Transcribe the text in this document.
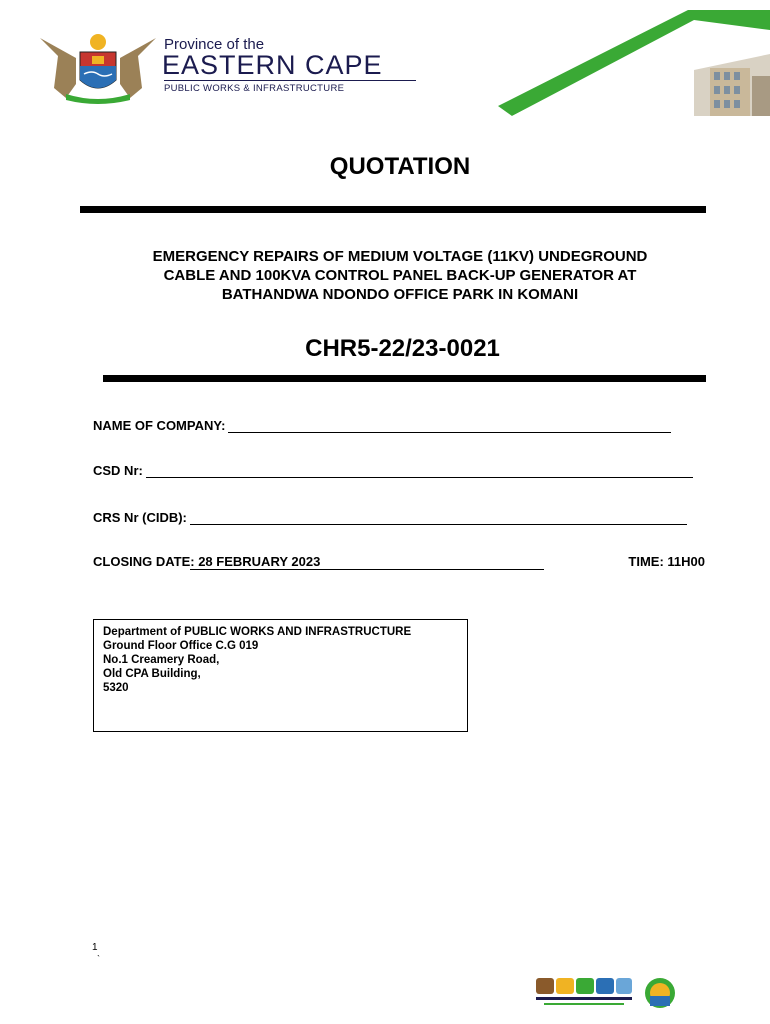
Province of the
EASTERN CAPE
PUBLIC WORKS & INFRASTRUCTURE
QUOTATION
EMERGENCY REPAIRS OF MEDIUM VOLTAGE (11KV) UNDEGROUND
CABLE AND 100KVA CONTROL PANEL BACK-UP GENERATOR AT
BATHANDWA NDONDO OFFICE PARK IN KOMANI
CHR5-22/23-0021
NAME OF COMPANY:
CSD Nr:
CRS Nr (CIDB):
CLOSING DATE: 28 FEBRUARY 2023	TIME: 11H00
Department of PUBLIC WORKS AND INFRASTRUCTURE
Ground Floor Office C.G 019
No.1 Creamery Road,
Old CPA Building,
5320
1
`
